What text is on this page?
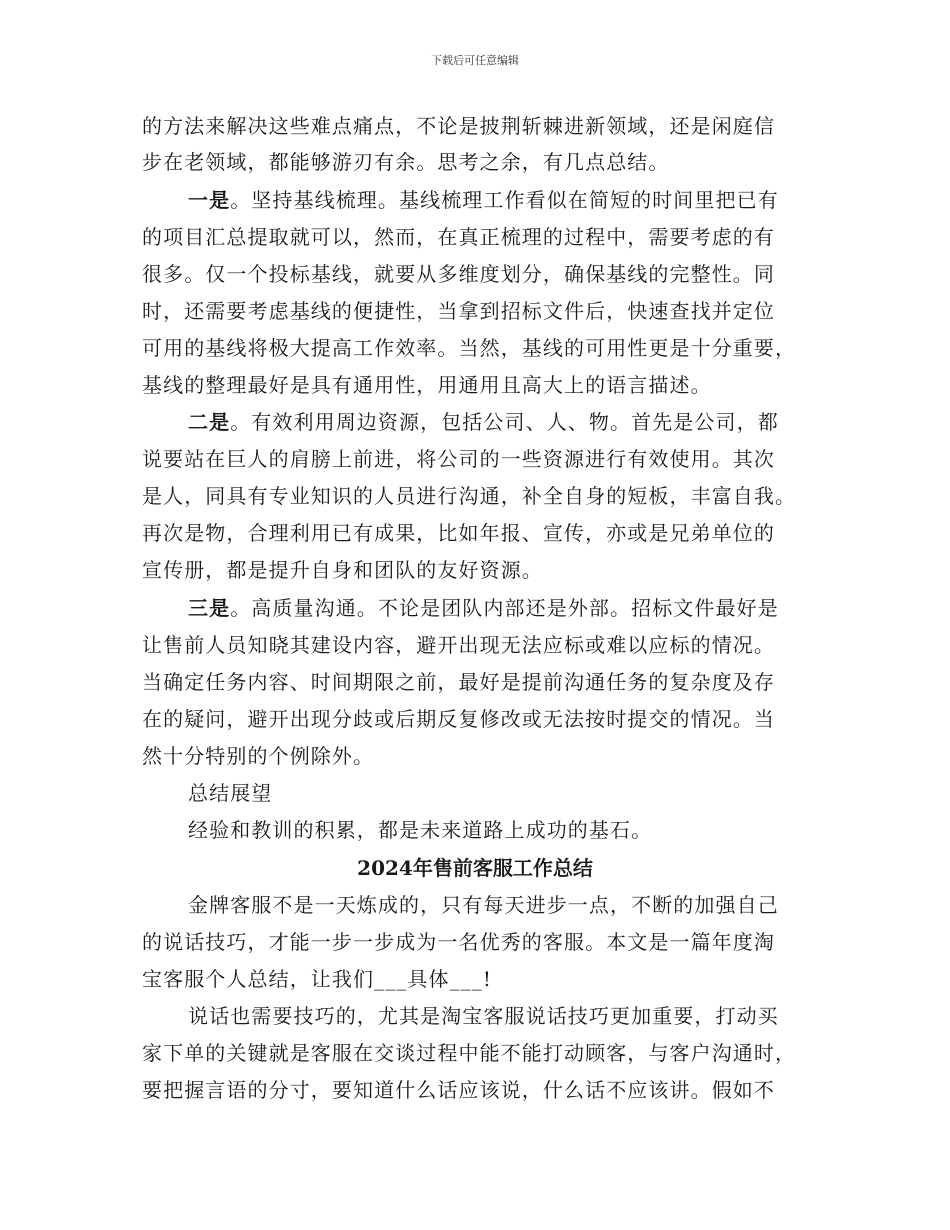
下载后可任意编辑
的方法来解决这些难点痛点，不论是披荆斩棘进新领域，还是闲庭信
步在老领域，都能够游刃有余。思考之余，有几点总结。
一是。坚持基线梳理。基线梳理工作看似在简短的时间里把已有
的项目汇总提取就可以，然而，在真正梳理的过程中，需要考虑的有
很多。仅一个投标基线，就要从多维度划分，确保基线的完整性。同
时，还需要考虑基线的便捷性，当拿到招标文件后，快速查找并定位
可用的基线将极大提高工作效率。当然，基线的可用性更是十分重要，
基线的整理最好是具有通用性，用通用且高大上的语言描述。
二是。有效利用周边资源，包括公司、人、物。首先是公司，都
说要站在巨人的肩膀上前进，将公司的一些资源进行有效使用。其次
是人，同具有专业知识的人员进行沟通，补全自身的短板，丰富自我。
再次是物，合理利用已有成果，比如年报、宣传，亦或是兄弟单位的
宣传册，都是提升自身和团队的友好资源。
三是。高质量沟通。不论是团队内部还是外部。招标文件最好是
让售前人员知晓其建设内容，避开出现无法应标或难以应标的情况。
当确定任务内容、时间期限之前，最好是提前沟通任务的复杂度及存
在的疑问，避开出现分歧或后期反复修改或无法按时提交的情况。当
然十分特别的个例除外。
总结展望
经验和教训的积累，都是未来道路上成功的基石。
2024年售前客服工作总结
金牌客服不是一天炼成的，只有每天进步一点，不断的加强自己
的说话技巧，才能一步一步成为一名优秀的客服。本文是一篇年度淘
宝客服个人总结，让我们___具体___!
说话也需要技巧的，尤其是淘宝客服说话技巧更加重要，打动买
家下单的关键就是客服在交谈过程中能不能打动顾客，与客户沟通时，
要把握言语的分寸，要知道什么话应该说，什么话不应该讲。假如不
